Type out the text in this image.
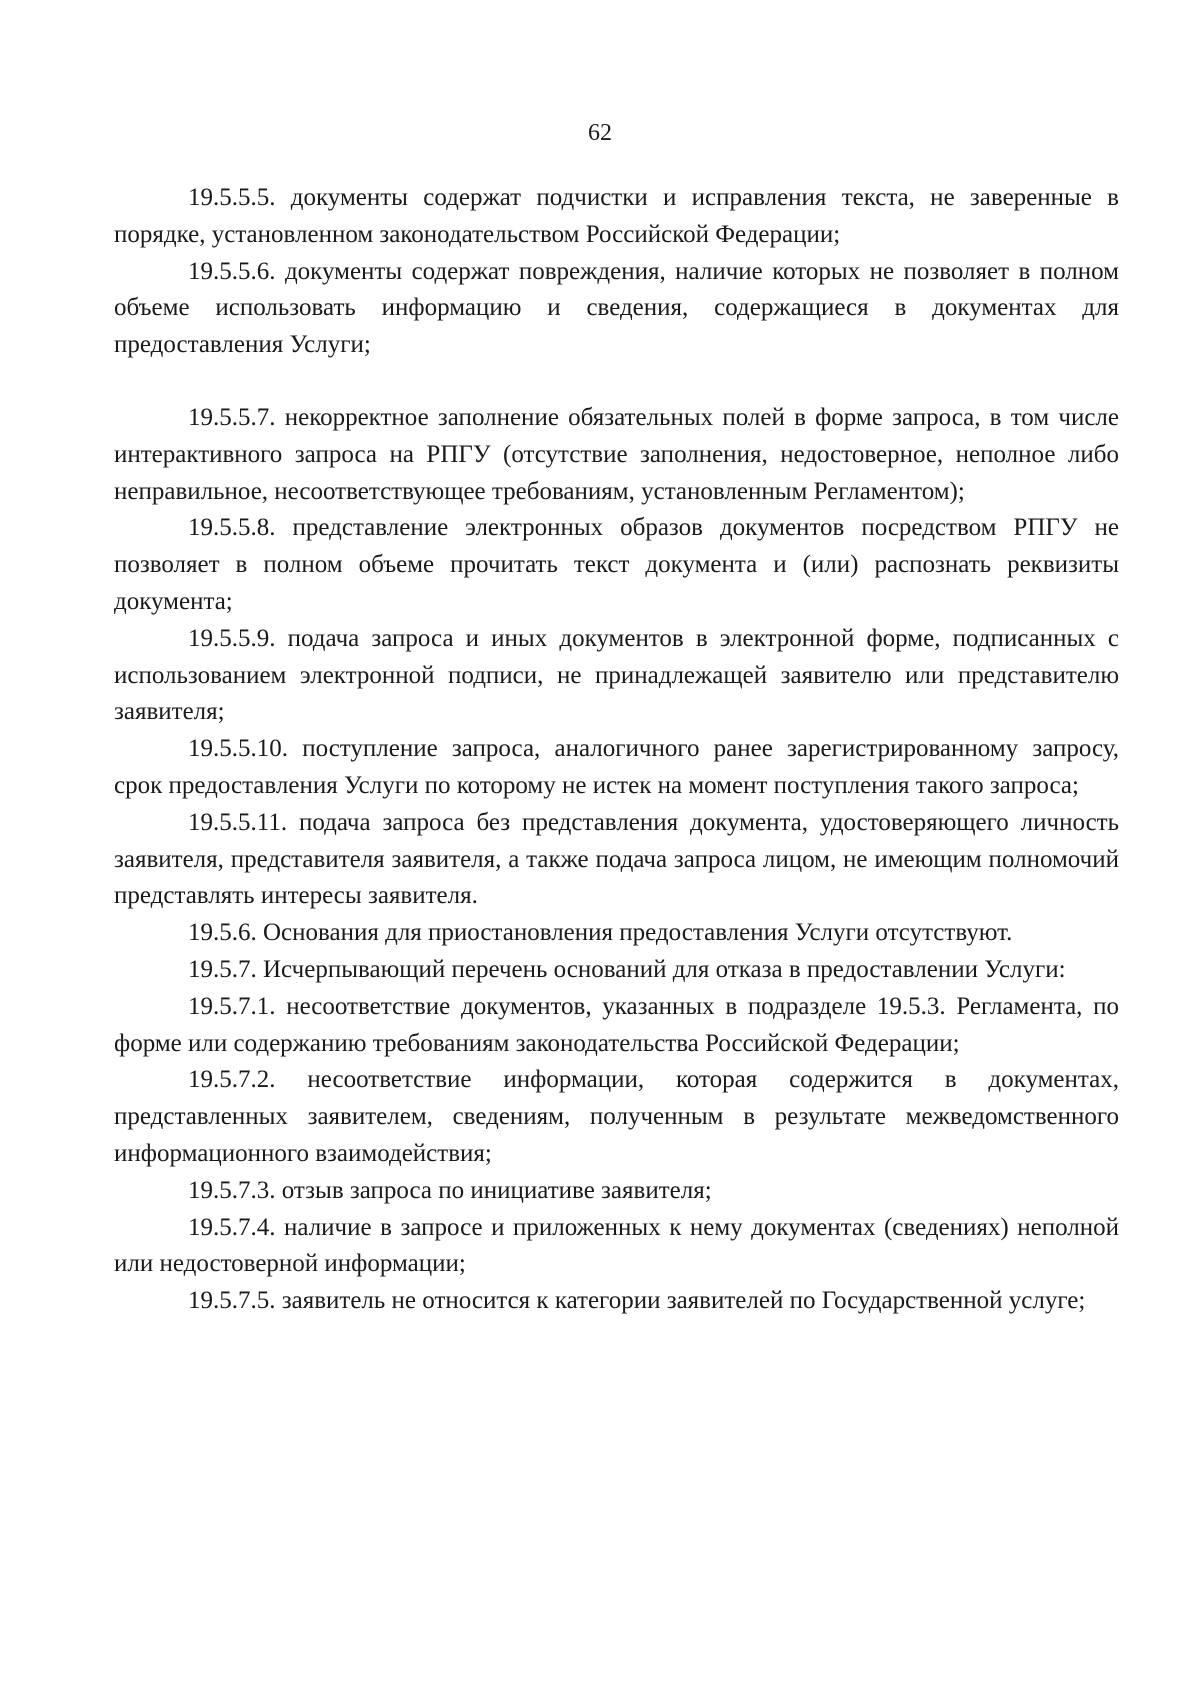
62

19.5.5.5. документы содержат подчистки и исправления текста, не заверенные в порядке, установленном законодательством Российской Федерации;

19.5.5.6. документы содержат повреждения, наличие которых не позволяет в полном объеме использовать информацию и сведения, содержащиеся в документах для предоставления Услуги;

19.5.5.7. некорректное заполнение обязательных полей в форме запроса, в том числе интерактивного запроса на РПГУ (отсутствие заполнения, недостоверное, неполное либо неправильное, несоответствующее требованиям, установленным Регламентом);

19.5.5.8. представление электронных образов документов посредством РПГУ не позволяет в полном объеме прочитать текст документа и (или) распознать реквизиты документа;

19.5.5.9. подача запроса и иных документов в электронной форме, подписанных с использованием электронной подписи, не принадлежащей заявителю или представителю заявителя;

19.5.5.10. поступление запроса, аналогичного ранее зарегистрированному запросу, срок предоставления Услуги по которому не истек на момент поступления такого запроса;

19.5.5.11. подача запроса без представления документа, удостоверяющего личность заявителя, представителя заявителя, а также подача запроса лицом, не имеющим полномочий представлять интересы заявителя.

19.5.6. Основания для приостановления предоставления Услуги отсутствуют.

19.5.7. Исчерпывающий перечень оснований для отказа в предоставлении Услуги:

19.5.7.1. несоответствие документов, указанных в подразделе 19.5.3. Регламента, по форме или содержанию требованиям законодательства Российской Федерации;

19.5.7.2. несоответствие информации, которая содержится в документах, представленных заявителем, сведениям, полученным в результате межведомственного информационного взаимодействия;

19.5.7.3. отзыв запроса по инициативе заявителя;

19.5.7.4. наличие в запросе и приложенных к нему документах (сведениях) неполной или недостоверной информации;

19.5.7.5. заявитель не относится к категории заявителей по Государственной услуге;
